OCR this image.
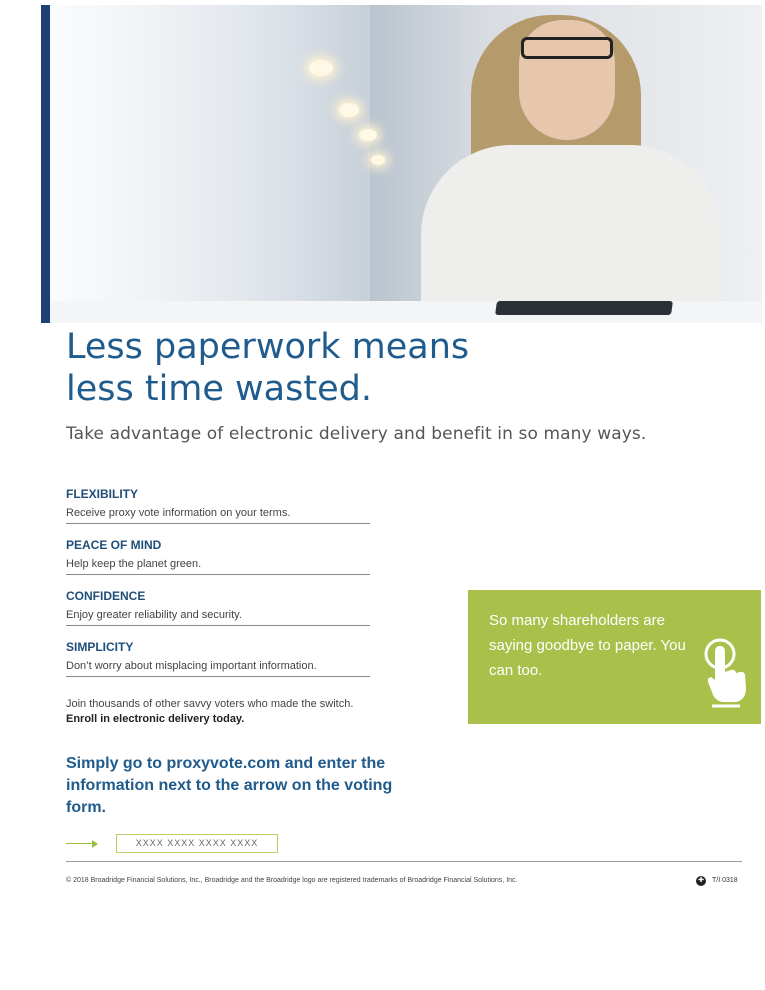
Less paperwork means
less time wasted.

Take advantage of electronic delivery and benefit in so many ways.

FLEXIBILITY

Receive proxy vote information on your terms.

PEACE OF MIND

Help keep the planet green.

CONFIDENCE

Enjoy greater reliability and security.

SIMPLICITY

Don’t worry about misplacing important information.

Join thousands of other savvy voters who made the switch.
Enroll in electronic delivery today.

Simply go to proxyvote.com and enter the information next to the arrow on the voting form.

XXXX XXXX XXXX XXXX

So many shareholders are saying goodbye to paper. You can too.

© 2018 Broadridge Financial Solutions, Inc., Broadridge and the Broadridge logo are registered trademarks of Broadridge Financial Solutions, Inc.	✚ T/I 0318
